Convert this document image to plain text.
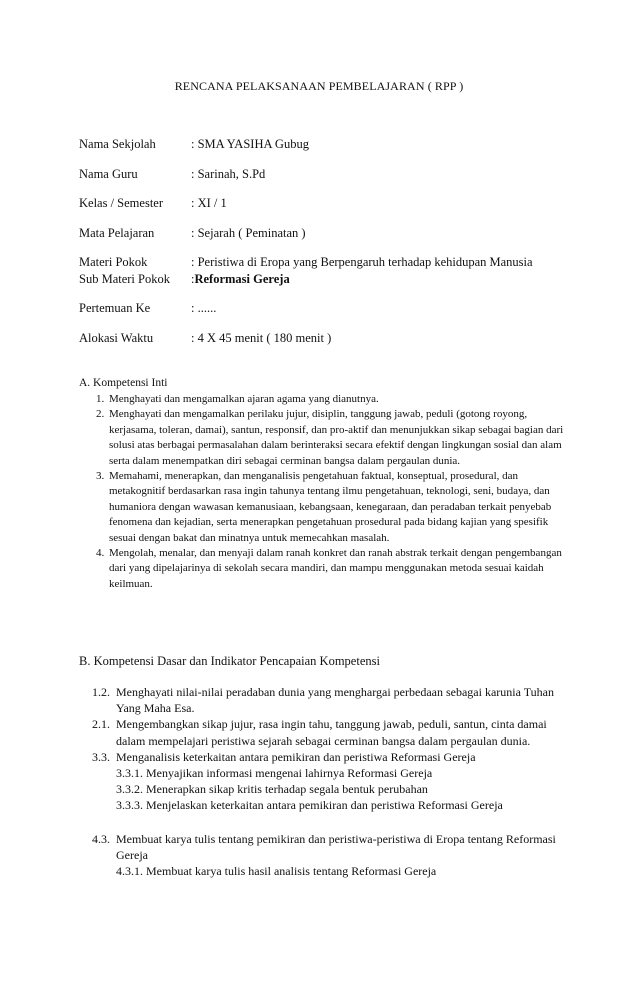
RENCANA PELAKSANAAN PEMBELAJARAN ( RPP )
Nama Sekjolah	: SMA YASIHA Gubug
Nama Guru	: Sarinah, S.Pd
Kelas / Semester : XI / 1
Mata Pelajaran	: Sejarah ( Peminatan )
Materi Pokok	: Peristiwa di Eropa yang Berpengaruh terhadap kehidupan Manusia
Sub Materi Pokok :Reformasi Gereja
Pertemuan Ke	: ......
Alokasi Waktu	: 4 X 45 menit ( 180 menit )
A. Kompetensi Inti
1. Menghayati dan mengamalkan ajaran agama yang dianutnya.
2. Menghayati dan mengamalkan perilaku jujur, disiplin, tanggung jawab, peduli (gotong royong, kerjasama, toleran, damai), santun, responsif, dan pro-aktif dan menunjukkan sikap sebagai bagian dari solusi atas berbagai permasalahan dalam berinteraksi secara efektif dengan lingkungan sosial dan alam serta dalam menempatkan diri sebagai cerminan bangsa dalam pergaulan dunia.
3. Memahami, menerapkan, dan menganalisis pengetahuan faktual, konseptual, prosedural, dan metakognitif berdasarkan rasa ingin tahunya tentang ilmu pengetahuan, teknologi, seni, budaya, dan humaniora dengan wawasan kemanusiaan, kebangsaan, kenegaraan, dan peradaban terkait penyebab fenomena dan kejadian, serta menerapkan pengetahuan prosedural pada bidang kajian yang spesifik sesuai dengan bakat dan minatnya untuk memecahkan masalah.
4. Mengolah, menalar, dan menyaji dalam ranah konkret dan ranah abstrak terkait dengan pengembangan dari yang dipelajarinya di sekolah secara mandiri, dan mampu menggunakan metoda sesuai kaidah keilmuan.
B. Kompetensi Dasar dan Indikator Pencapaian Kompetensi
1.2. Menghayati nilai-nilai peradaban dunia yang menghargai perbedaan sebagai karunia Tuhan Yang Maha Esa.
2.1. Mengembangkan sikap jujur, rasa ingin tahu, tanggung jawab, peduli, santun, cinta damai dalam mempelajari peristiwa sejarah sebagai cerminan bangsa dalam pergaulan dunia.
3.3. Menganalisis keterkaitan antara pemikiran dan peristiwa Reformasi Gereja
3.3.1. Menyajikan informasi mengenai lahirnya Reformasi Gereja
3.3.2. Menerapkan sikap kritis terhadap segala bentuk perubahan
3.3.3. Menjelaskan keterkaitan antara pemikiran dan peristiwa Reformasi Gereja
4.3. Membuat karya tulis tentang pemikiran dan peristiwa-peristiwa di Eropa tentang Reformasi Gereja
4.3.1. Membuat karya tulis hasil analisis tentang Reformasi Gereja
